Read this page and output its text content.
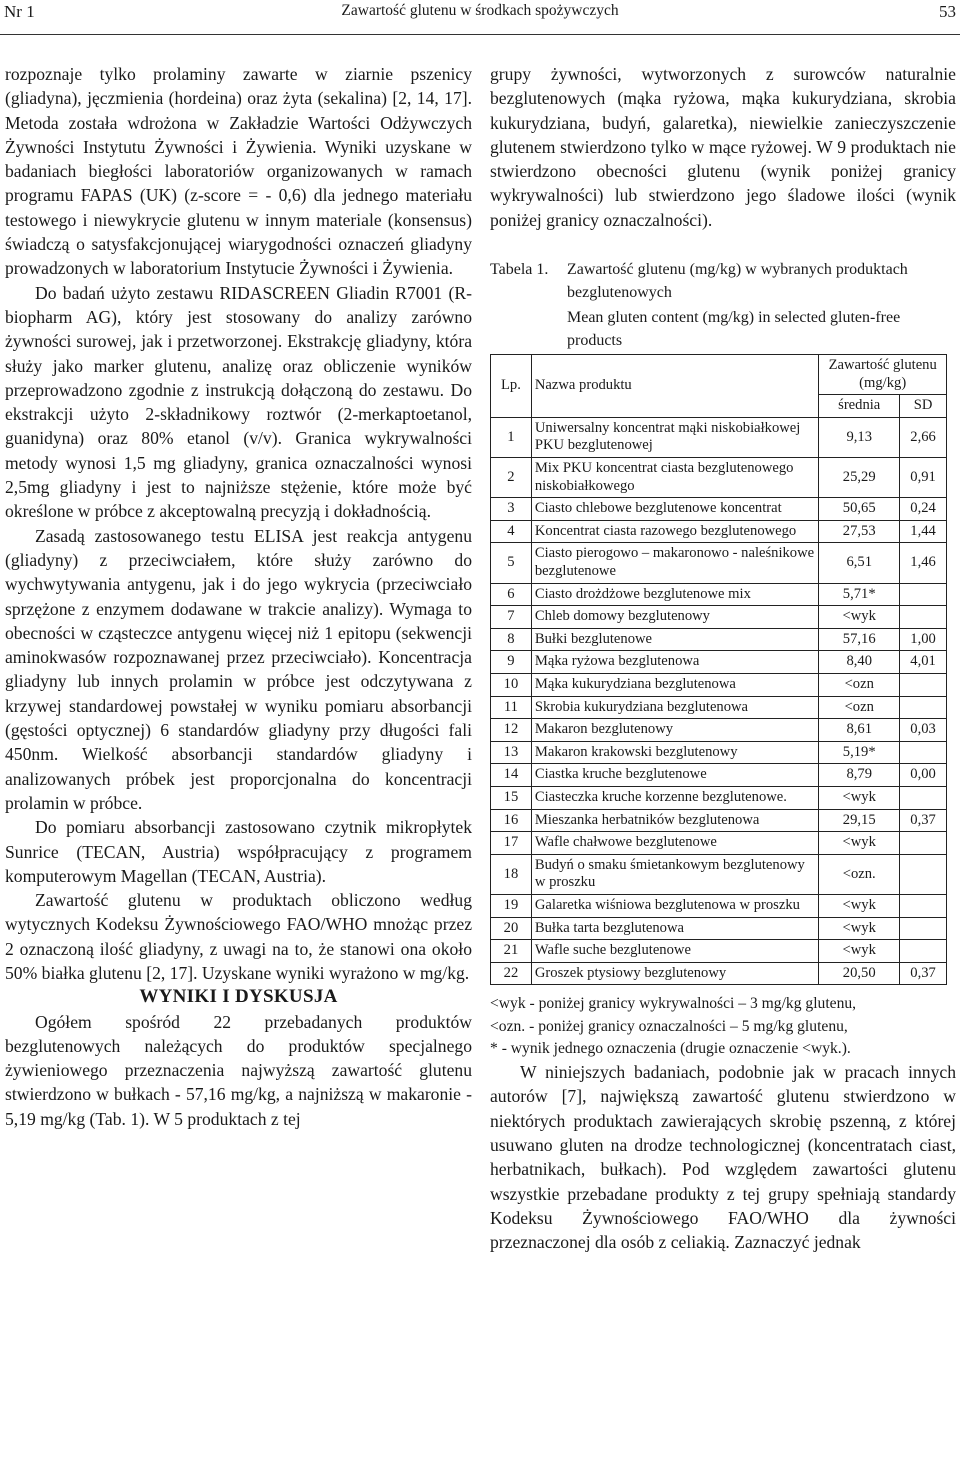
Nr 1	Zawartość glutenu w środkach spożywczych	53

rozpoznaje tylko prolaminy zawarte w ziarnie pszenicy (gliadyna), jęczmienia (hordeina) oraz żyta (sekalina) [2, 14, 17]. Metoda została wdrożona w Zakładzie Wartości Odżywczych Żywności Instytutu Żywności i Żywienia. Wyniki uzyskane w badaniach biegłości laboratoriów organizowanych w ramach programu FAPAS (UK) (z-score = - 0,6) dla jednego materiału testowego i niewykrycie glutenu w innym materiale (konsensus) świadczą o satysfakcjonującej wiarygodności oznaczeń gliadyny prowadzonych w laboratorium Instytucie Żywności i Żywienia.

Do badań użyto zestawu RIDASCREEN Gliadin R7001 (R-biopharm AG), który jest stosowany do analizy zarówno żywności surowej, jak i przetworzonej. Ekstrakcję gliadyny, która służy jako marker glutenu, analizę oraz obliczenie wyników przeprowadzono zgodnie z instrukcją dołączoną do zestawu. Do ekstrakcji użyto 2-składnikowy roztwór (2-merkaptoetanol, guanidyna) oraz 80% etanol (v/v). Granica wykrywalności metody wynosi 1,5 mg gliadyny, granica oznaczalności wynosi 2,5mg gliadyny i jest to najniższe stężenie, które może być określone w próbce z akceptowalną precyzją i dokładnością.

Zasadą zastosowanego testu ELISA jest reakcja antygenu (gliadyny) z przeciwciałem, które służy zarówno do wychwytywania antygenu, jak i do jego wykrycia (przeciwciało sprzężone z enzymem dodawane w trakcie analizy). Wymaga to obecności w cząsteczce antygenu więcej niż 1 epitopu (sekwencji aminokwasów rozpoznawanej przez przeciwciało). Koncentracja gliadyny lub innych prolamin w próbce jest odczytywana z krzywej standardowej powstałej w wyniku pomiaru absorbancji (gęstości optycznej) 6 standardów gliadyny przy długości fali 450nm. Wielkość absorbancji standardów gliadyny i analizowanych próbek jest proporcjonalna do koncentracji prolamin w próbce.

Do pomiaru absorbancji zastosowano czytnik mikropłytek Sunrice (TECAN, Austria) współpracujący z programem komputerowym Magellan (TECAN, Austria).

Zawartość glutenu w produktach obliczono według wytycznych Kodeksu Żywnościowego FAO/WHO mnożąc przez 2 oznaczoną ilość gliadyny, z uwagi na to, że stanowi ona około 50% białka glutenu [2, 17]. Uzyskane wyniki wyrażono w mg/kg.

WYNIKI I DYSKUSJA

Ogółem spośród 22 przebadanych produktów bezglutenowych należących do produktów specjalnego żywieniowego przeznaczenia najwyższą zawartość glutenu stwierdzono w bułkach - 57,16 mg/kg, a najniższą w makaronie - 5,19 mg/kg (Tab. 1). W 5 produktach z tej

grupy żywności, wytworzonych z surowców naturalnie bezglutenowych (mąka ryżowa, mąka kukurydziana, skrobia kukurydziana, budyń, galaretka), niewielkie zanieczyszczenie glutenem stwierdzono tylko w mące ryżowej. W 9 produktach nie stwierdzono obecności glutenu (wynik poniżej granicy wykrywalności) lub stwierdzono jego śladowe ilości (wynik poniżej granicy oznaczalności).

Tabela 1.	Zawartość glutenu (mg/kg) w wybranych produktach bezglutenowych
Mean gluten content (mg/kg) in selected gluten-free products
Lp.	Nazwa produktu	Zawartość glutenu (mg/kg)	
		średnia	SD
1	Uniwersalny koncentrat mąki niskobiałkowej PKU bezglutenowej	9,13	2,66
2	Mix PKU koncentrat ciasta bezglutenowego niskobiałkowego	25,29	0,91
3	Ciasto chlebowe bezglutenowe koncentrat	50,65	0,24
4	Koncentrat ciasta razowego bezglutenowego	27,53	1,44
5	Ciasto pierogowo – makaronowo - naleśnikowe bezglutenowe	6,51	1,46
6	Ciasto drożdżowe bezglutenowe mix	5,71*	
7	Chleb domowy bezglutenowy	<wyk	
8	Bułki bezglutenowe	57,16	1,00
9	Mąka ryżowa bezglutenowa	8,40	4,01
10	Mąka kukurydziana bezglutenowa	<ozn	
11	Skrobia kukurydziana bezglutenowa	<ozn	
12	Makaron bezglutenowy	8,61	0,03
13	Makaron krakowski bezglutenowy	5,19*	
14	Ciastka kruche bezglutenowe	8,79	0,00
15	Ciasteczka kruche korzenne bezglutenowe.	<wyk	
16	Mieszanka herbatników bezglutenowa	29,15	0,37
17	Wafle chałwowe bezglutenowe	<wyk	
18	Budyń o smaku śmietankowym bezglutenowy w proszku	<ozn.	
19	Galaretka wiśniowa bezglutenowa w proszku	<wyk	
20	Bułka tarta bezglutenowa	<wyk	
21	Wafle suche bezglutenowe	<wyk	
22	Groszek ptysiowy bezglutenowy	20,50	0,37
<wyk - poniżej granicy wykrywalności – 3 mg/kg glutenu,
<ozn. - poniżej granicy oznaczalności – 5 mg/kg glutenu,
* - wynik jednego oznaczenia (drugie oznaczenie <wyk.).

W niniejszych badaniach, podobnie jak w pracach innych autorów [7], największą zawartość glutenu stwierdzono w niektórych produktach zawierających skrobię pszenną, z której usuwano gluten na drodze technologicznej (koncentratach ciast, herbatnikach, bułkach). Pod względem zawartości glutenu wszystkie przebadane produkty z tej grupy spełniają standardy Kodeksu Żywnościowego FAO/WHO dla żywności przeznaczonej dla osób z celiakią. Zaznaczyć jednak
